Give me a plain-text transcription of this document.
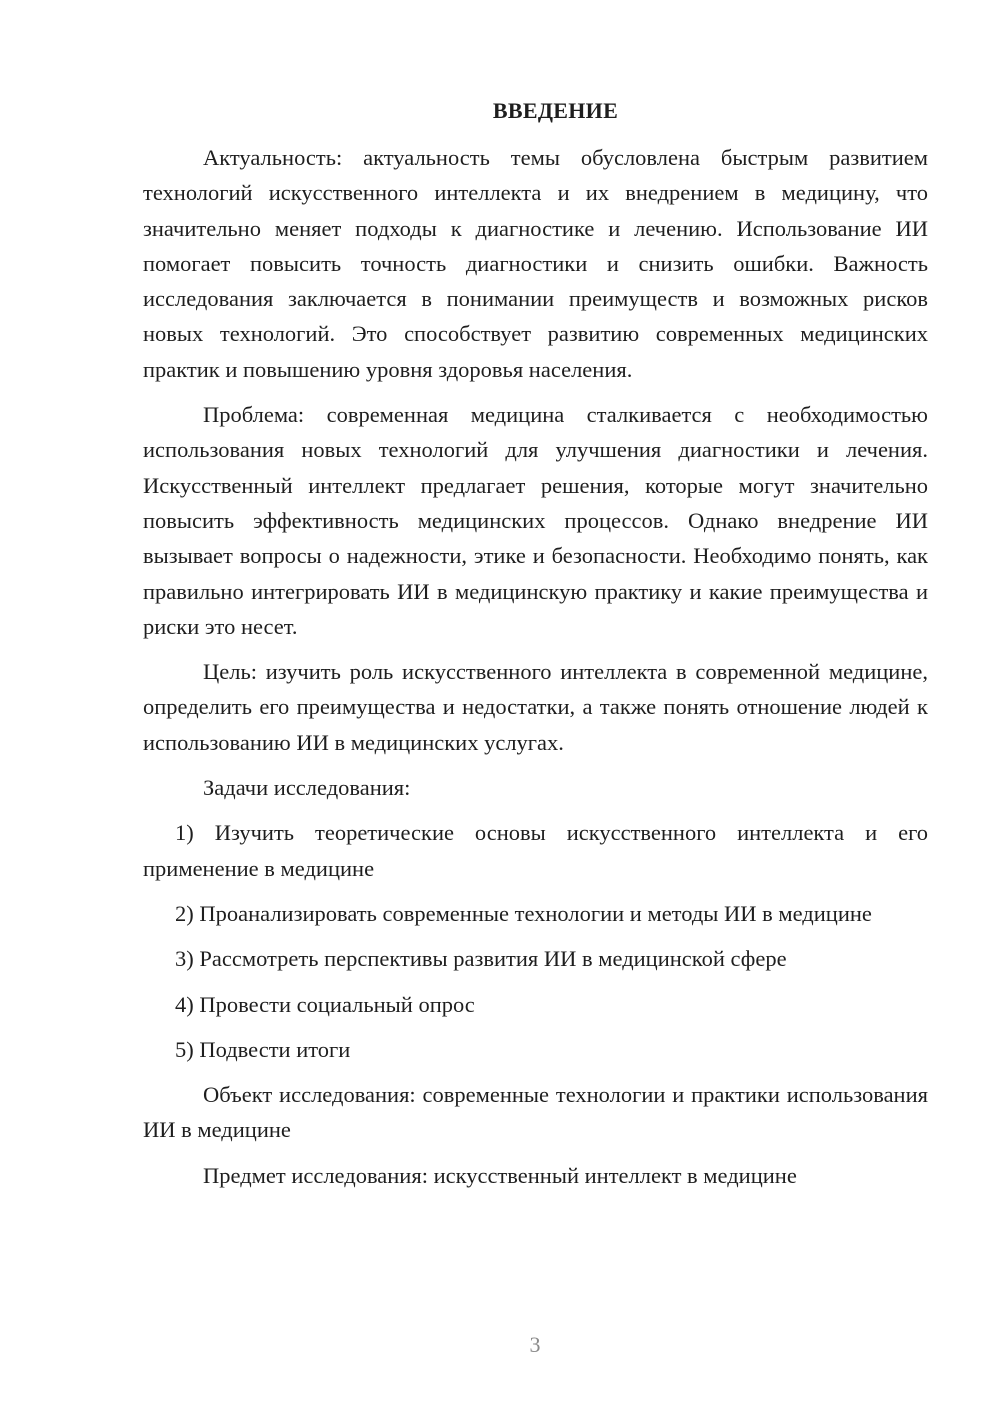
ВВЕДЕНИЕ

Актуальность: актуальность темы обусловлена быстрым развитием технологий искусственного интеллекта и их внедрением в медицину, что значительно меняет подходы к диагностике и лечению. Использование ИИ помогает повысить точность диагностики и снизить ошибки. Важность исследования заключается в понимании преимуществ и возможных рисков новых технологий. Это способствует развитию современных медицинских практик и повышению уровня здоровья населения.

Проблема: современная медицина сталкивается с необходимостью использования новых технологий для улучшения диагностики и лечения. Искусственный интеллект предлагает решения, которые могут значительно повысить эффективность медицинских процессов. Однако внедрение ИИ вызывает вопросы о надежности, этике и безопасности. Необходимо понять, как правильно интегрировать ИИ в медицинскую практику и какие преимущества и риски это несет.

Цель: изучить роль искусственного интеллекта в современной медицине, определить его преимущества и недостатки, а также понять отношение людей к использованию ИИ в медицинских услугах.

Задачи исследования:

1) Изучить теоретические основы искусственного интеллекта и его применение в медицине

2) Проанализировать современные технологии и методы ИИ в медицине

3) Рассмотреть перспективы развития ИИ в медицинской сфере

4) Провести социальный опрос

5) Подвести итоги

Объект исследования: современные технологии и практики использования ИИ в медицине

Предмет исследования: искусственный интеллект в медицине

3
